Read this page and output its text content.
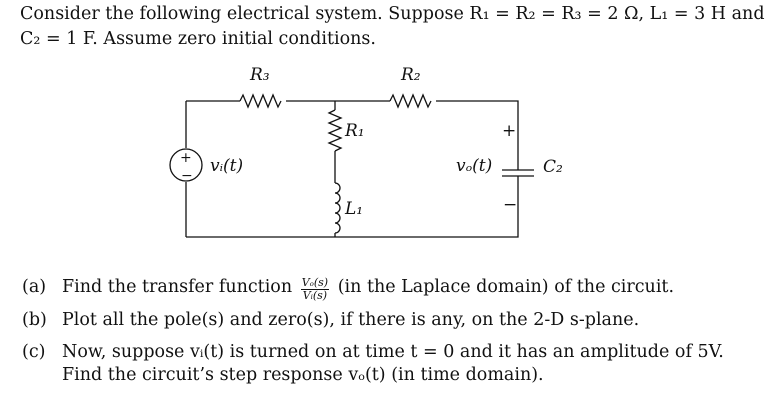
Consider the following electrical system. Suppose R₁ = R₂ = R₃ = 2 Ω, L₁ = 3 H and C₂ = 1 F. Assume zero initial conditions.

R₃	R₂
R₁
L₁
C₂
vᵢ(t)	vₒ(t)
+
−
+
−
(a) Find the transfer function $\frac{\text{Vₒ(s)}}{\text{Vᵢ(s)}} (in$ the Laplace domain) of the circuit.
(b) Plot all the pole(s) and zero(s), if there is any, on the 2-D s-plane.
(c) Now, suppose vᵢ(t) is turned on at time t = 0 and it has an amplitude of 5V. Find the circuit’s step response vₒ(t) (in time domain).
